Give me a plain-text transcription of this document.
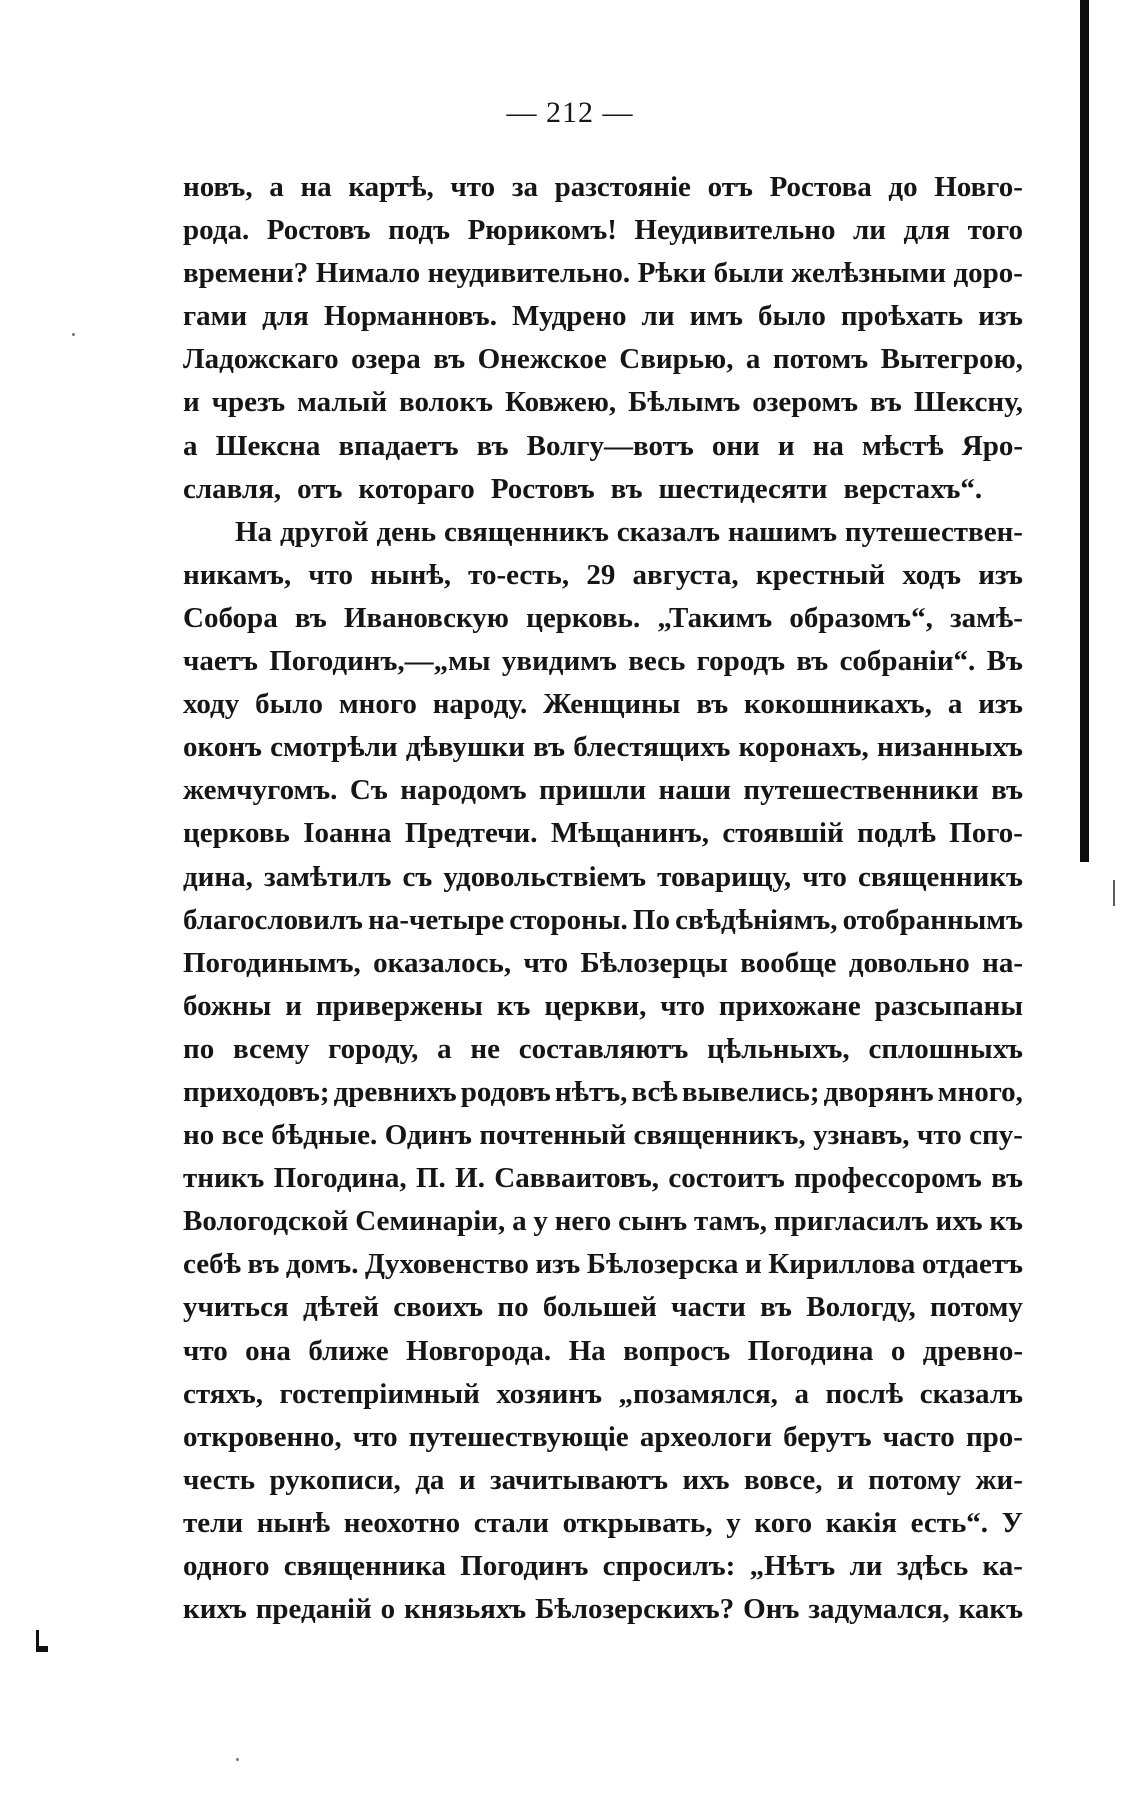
— 212 —
новъ, а на картѣ, что за разстояніе отъ Ростова до Новго-
рода. Ростовъ подъ Рюрикомъ! Неудивительно ли для того
времени? Нимало неудивительно. Рѣки были желѣзными доро-
гами для Норманновъ. Мудрено ли имъ было проѣхать изъ
Ладожскаго озера въ Онежское Свирью, а потомъ Вытегрою,
и чрезъ малый волокъ Ковжею, Бѣлымъ озеромъ въ Шексну,
а Шексна впадаетъ въ Волгу—вотъ они и на мѣстѣ Яро-
славля, отъ котораго Ростовъ въ шестидесяти верстахъ“.
На другой день священникъ сказалъ нашимъ путешествен-
никамъ, что нынѣ, то-есть, 29 августа, крестный ходъ изъ
Собора въ Ивановскую церковь. „Такимъ образомъ“, замѣ-
чаетъ Погодинъ,—„мы увидимъ весь городъ въ собраніи“. Въ
ходу было много народу. Женщины въ кокошникахъ, а изъ
оконъ смотрѣли дѣвушки въ блестящихъ коронахъ, низанныхъ
жемчугомъ. Съ народомъ пришли наши путешественники въ
церковь Іоанна Предтечи. Мѣщанинъ, стоявшій подлѣ Пого-
дина, замѣтилъ съ удовольствіемъ товарищу, что священникъ
благословилъ на-четыре стороны. По свѣдѣніямъ, отобраннымъ
Погодинымъ, оказалось, что Бѣлозерцы вообще довольно на-
божны и привержены къ церкви, что прихожане разсыпаны
по всему городу, а не составляютъ цѣльныхъ, сплошныхъ
приходовъ; древнихъ родовъ нѣтъ, всѣ вывелись; дворянъ много,
но все бѣдные. Одинъ почтенный священникъ, узнавъ, что спу-
тникъ Погодина, П. И. Савваитовъ, состоитъ профессоромъ въ
Вологодской Семинаріи, а у него сынъ тамъ, пригласилъ ихъ къ
себѣ въ домъ. Духовенство изъ Бѣлозерска и Кириллова отдаетъ
учиться дѣтей своихъ по большей части въ Вологду, потому
что она ближе Новгорода. На вопросъ Погодина о древно-
стяхъ, гостепріимный хозяинъ „позамялся, а послѣ сказалъ
откровенно, что путешествующіе археологи берутъ часто про-
честь рукописи, да и зачитываютъ ихъ вовсе, и потому жи-
тели нынѣ неохотно стали открывать, у кого какія есть“. У
одного священника Погодинъ спросилъ: „Нѣтъ ли здѣсь ка-
кихъ преданій о князьяхъ Бѣлозерскихъ? Онъ задумался, какъ
